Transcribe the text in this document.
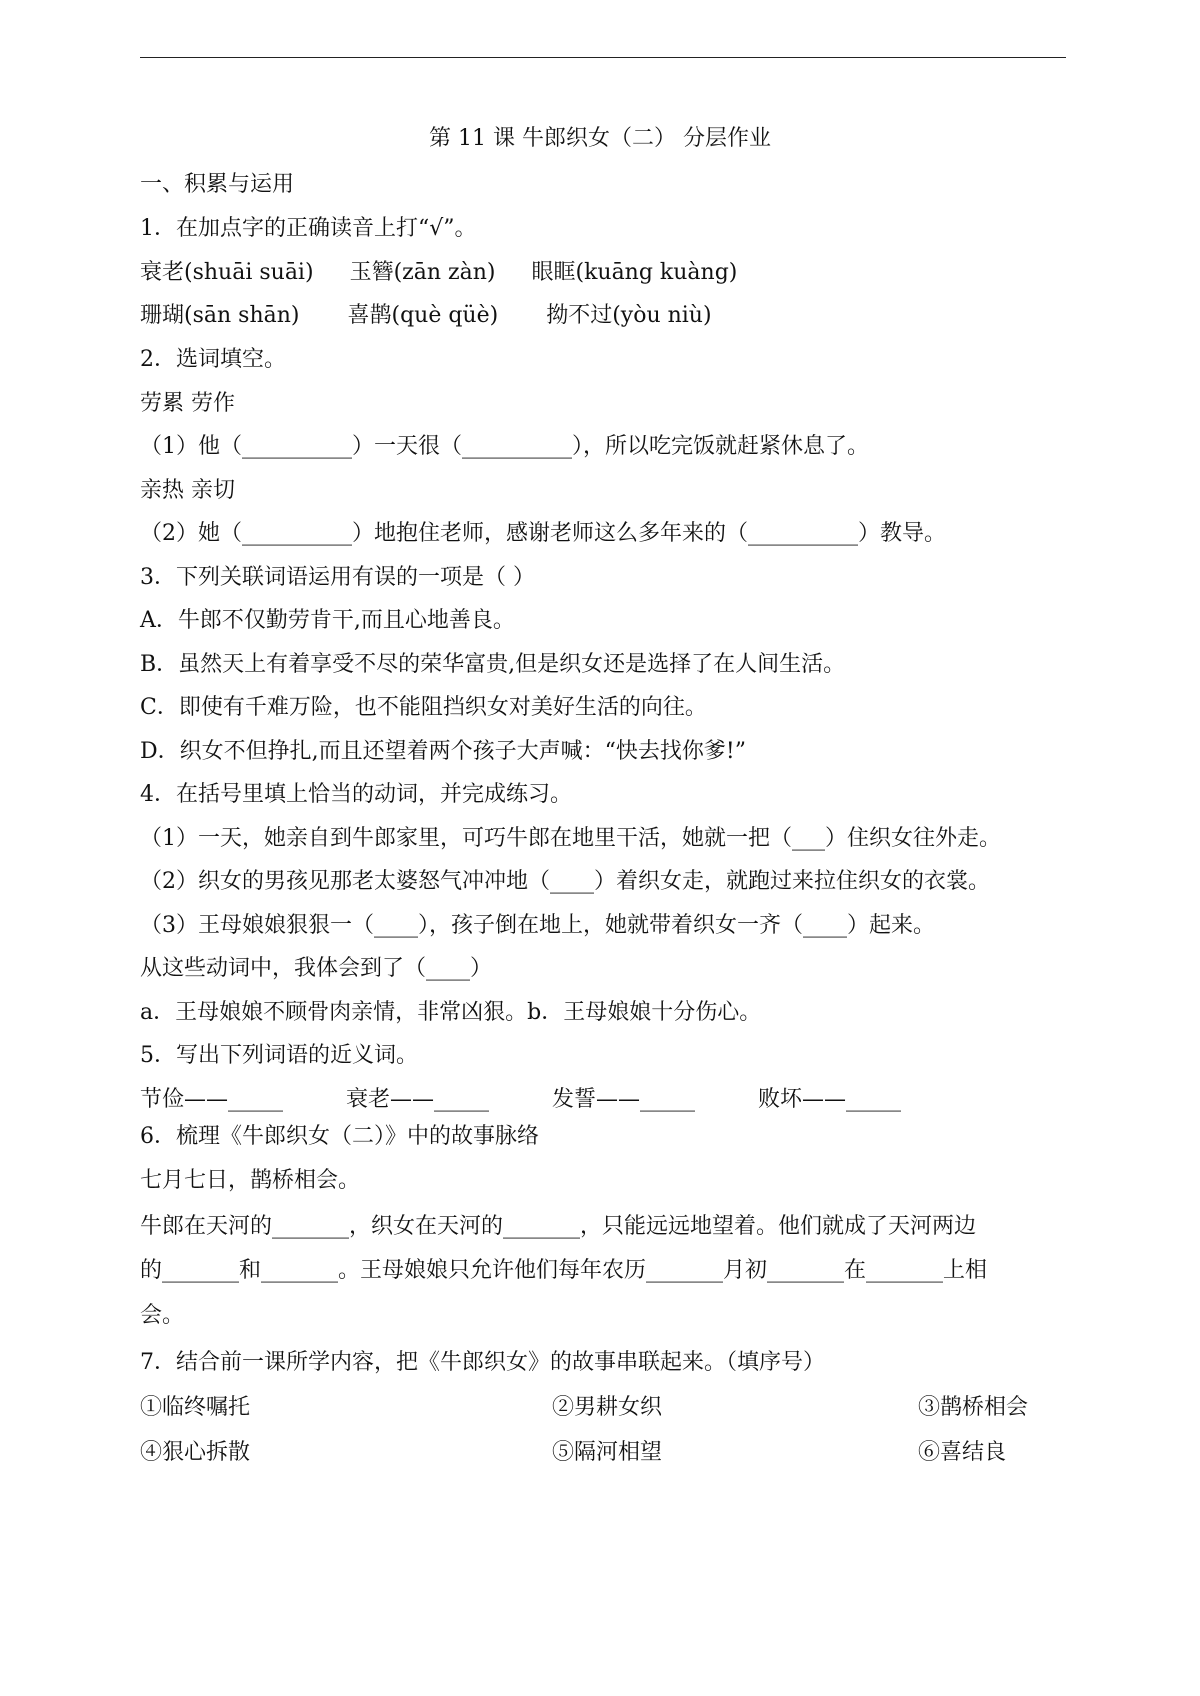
第 11 课 牛郎织女（二） 分层作业
一、积累与运用
1．在加点字的正确读音上打“√”。
衰老(shuāi suāi) 玉簪(zān zàn) 眼眶(kuāng kuàng)
珊瑚(sān shān) 喜鹊(què qüè) 拗不过(yòu niù)
2．选词填空。
劳累 劳作
（1）他（__________）一天很（__________），所以吃完饭就赶紧休息了。
亲热 亲切
（2）她（__________）地抱住老师，感谢老师这么多年来的（__________）教导。
3．下列关联词语运用有误的一项是（ ）
A．牛郎不仅勤劳肯干,而且心地善良。
B．虽然天上有着享受不尽的荣华富贵,但是织女还是选择了在人间生活。
C．即使有千难万险，也不能阻挡织女对美好生活的向往。
D．织女不但挣扎,而且还望着两个孩子大声喊：“快去找你爹!”
4．在括号里填上恰当的动词，并完成练习。
（1）一天，她亲自到牛郎家里，可巧牛郎在地里干活，她就一把（___）住织女往外走。
（2）织女的男孩见那老太婆怒气冲冲地（____）着织女走，就跑过来拉住织女的衣裳。
（3）王母娘娘狠狠一（____），孩子倒在地上，她就带着织女一齐（____）起来。
从这些动词中，我体会到了（____）
a．王母娘娘不顾骨肉亲情，非常凶狠。b．王母娘娘十分伤心。
5．写出下列词语的近义词。
节俭——_____	衰老——_____	发誓——_____	败坏——_____
6．梳理《牛郎织女（二）》中的故事脉络
七月七日，鹊桥相会。
牛郎在天河的_______，织女在天河的_______，只能远远地望着。他们就成了天河两边
的_______和_______。王母娘娘只允许他们每年农历_______月初_______在_______上相
会。
7．结合前一课所学内容，把《牛郎织女》的故事串联起来。（填序号）
①临终嘱托	②男耕女织	③鹊桥相会
④狠心拆散	⑤隔河相望	⑥喜结良
